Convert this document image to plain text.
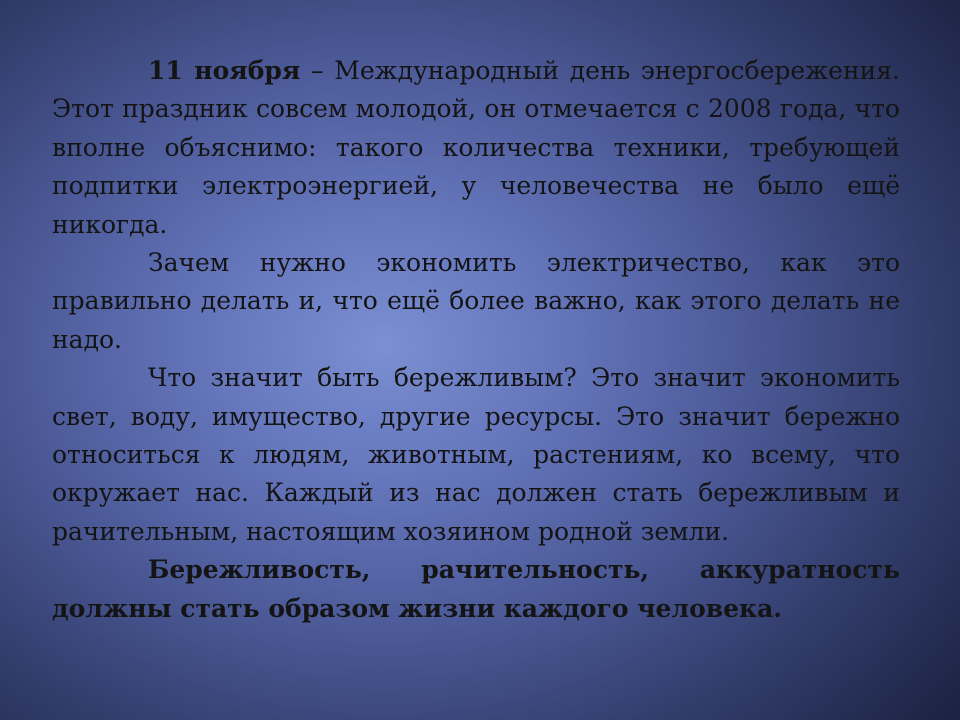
11 ноября – Международный день энергосбережения. Этот праздник совсем молодой, он отмечается с 2008 года, что вполне объяснимо: такого количества техники, требующей подпитки электроэнергией, у человечества не было ещё никогда.

Зачем нужно экономить электричество, как это правильно делать и, что ещё более важно, как этого делать не надо.

Что значит быть бережливым? Это значит экономить свет, воду, имущество, другие ресурсы. Это значит бережно относиться к людям, животным, растениям, ко всему, что окружает нас. Каждый из нас должен стать бережливым и рачительным, настоящим хозяином родной земли.

Бережливость, рачительность, аккуратность должны стать образом жизни каждого человека.
